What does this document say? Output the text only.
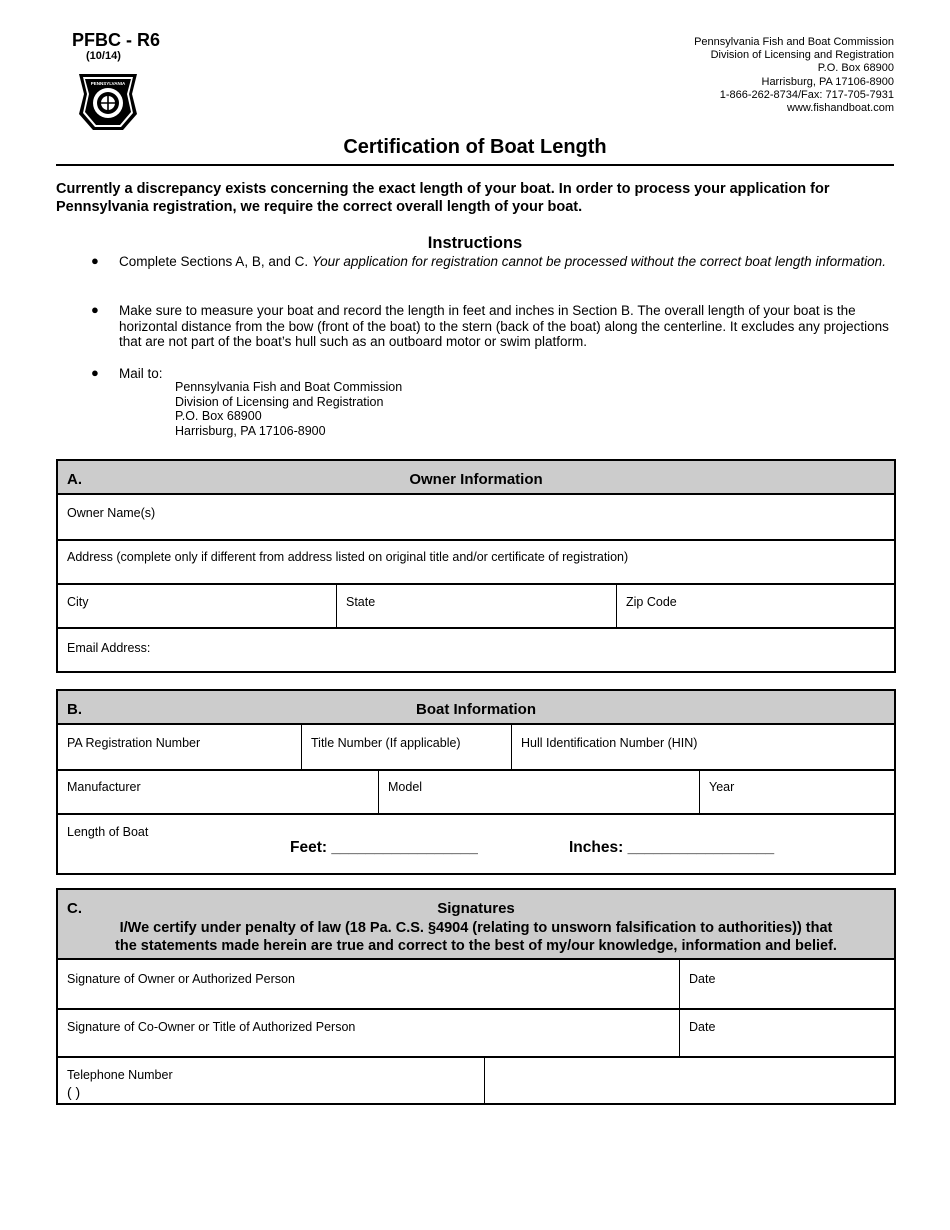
PFBC - R6
(10/14)
PENNSYLVANIA
Pennsylvania Fish and Boat Commission
Division of Licensing and Registration
P.O. Box 68900
Harrisburg, PA 17106-8900
1-866-262-8734/Fax: 717-705-7931
www.fishandboat.com
Certification of Boat Length
Currently a discrepancy exists concerning the exact length of your boat. In order to process your application for Pennsylvania registration, we require the correct overall length of your boat.
Instructions
● Complete Sections A, B, and C. Your application for registration cannot be processed without the correct boat length information.
● Make sure to measure your boat and record the length in feet and inches in Section B. The overall length of your boat is the horizontal distance from the bow (front of the boat) to the stern (back of the boat) along the centerline. It excludes any projections that are not part of the boat’s hull such as an outboard motor or swim platform.
● Mail to:
Pennsylvania Fish and Boat Commission
Division of Licensing and Registration
P.O. Box 68900
Harrisburg, PA 17106-8900
A.	Owner Information
Owner Name(s)
Address (complete only if different from address listed on original title and/or certificate of registration)
City	State	Zip Code
Email Address:
B.	Boat Information
PA Registration Number	Title Number (If applicable)	Hull Identification Number (HIN)
Manufacturer	Model	Year
Length of Boat
Feet: _________________	Inches: _________________
C.	Signatures
I/We certify under penalty of law (18 Pa. C.S. §4904 (relating to unsworn falsification to authorities)) that
the statements made herein are true and correct to the best of my/our knowledge, information and belief.
Signature of Owner or Authorized Person	Date
Signature of Co-Owner or Title of Authorized Person	Date
Telephone Number
( )
